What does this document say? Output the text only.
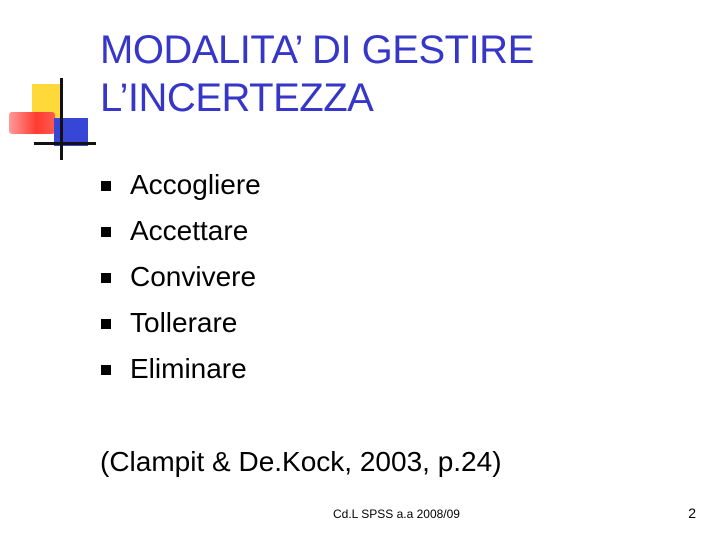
MODALITA’ DI GESTIRE
L’INCERTEZZA
Accogliere
Accettare
Convivere
Tollerare
Eliminare
(Clampit & De.Kock, 2003, p.24)
Cd.L SPSS a.a 2008/09	2
